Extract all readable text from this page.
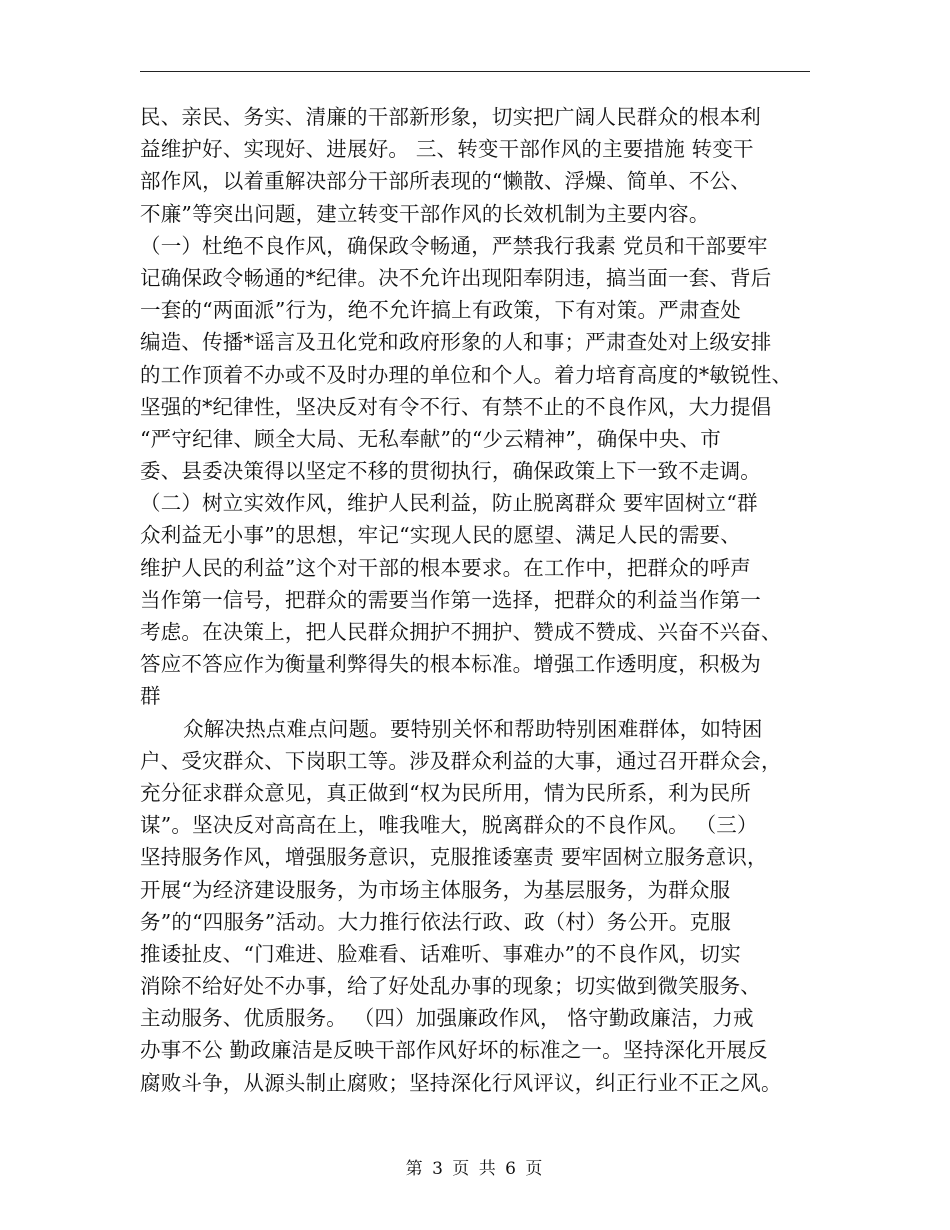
民、亲民、务实、清廉的干部新形象，切实把广阔人民群众的根本利
益维护好、实现好、进展好。 三、转变干部作风的主要措施 转变干
部作风，以着重解决部分干部所表现的“懒散、浮燥、简单、不公、
不廉”等突出问题，建立转变干部作风的长效机制为主要内容。
（一）杜绝不良作风，确保政令畅通，严禁我行我素 党员和干部要牢
记确保政令畅通的*纪律。决不允许出现阳奉阴违，搞当面一套、背后
一套的“两面派”行为，绝不允许搞上有政策，下有对策。严肃查处
编造、传播*谣言及丑化党和政府形象的人和事；严肃查处对上级安排
的工作顶着不办或不及时办理的单位和个人。着力培育高度的*敏锐性、
坚强的*纪律性，坚决反对有令不行、有禁不止的不良作风，大力提倡
“严守纪律、顾全大局、无私奉献”的“少云精神”，确保中央、市
委、县委决策得以坚定不移的贯彻执行，确保政策上下一致不走调。
（二）树立实效作风，维护人民利益，防止脱离群众 要牢固树立“群
众利益无小事”的思想，牢记“实现人民的愿望、满足人民的需要、
维护人民的利益”这个对干部的根本要求。在工作中，把群众的呼声
当作第一信号，把群众的需要当作第一选择，把群众的利益当作第一
考虑。在决策上，把人民群众拥护不拥护、赞成不赞成、兴奋不兴奋、
答应不答应作为衡量利弊得失的根本标准。增强工作透明度，积极为
群
众解决热点难点问题。要特别关怀和帮助特别困难群体，如特困
户、受灾群众、下岗职工等。涉及群众利益的大事，通过召开群众会，
充分征求群众意见，真正做到“权为民所用，情为民所系，利为民所
谋”。坚决反对高高在上，唯我唯大，脱离群众的不良作风。 （三）
坚持服务作风，增强服务意识，克服推诿塞责 要牢固树立服务意识，
开展“为经济建设服务，为市场主体服务，为基层服务，为群众服
务”的“四服务”活动。大力推行依法行政、政（村）务公开。克服
推诿扯皮、“门难进、脸难看、话难听、事难办”的不良作风，切实
消除不给好处不办事，给了好处乱办事的现象；切实做到微笑服务、
主动服务、优质服务。 （四）加强廉政作风， 恪守勤政廉洁，力戒
办事不公 勤政廉洁是反映干部作风好坏的标准之一。坚持深化开展反
腐败斗争，从源头制止腐败；坚持深化行风评议，纠正行业不正之风。
第 3 页 共 6 页
